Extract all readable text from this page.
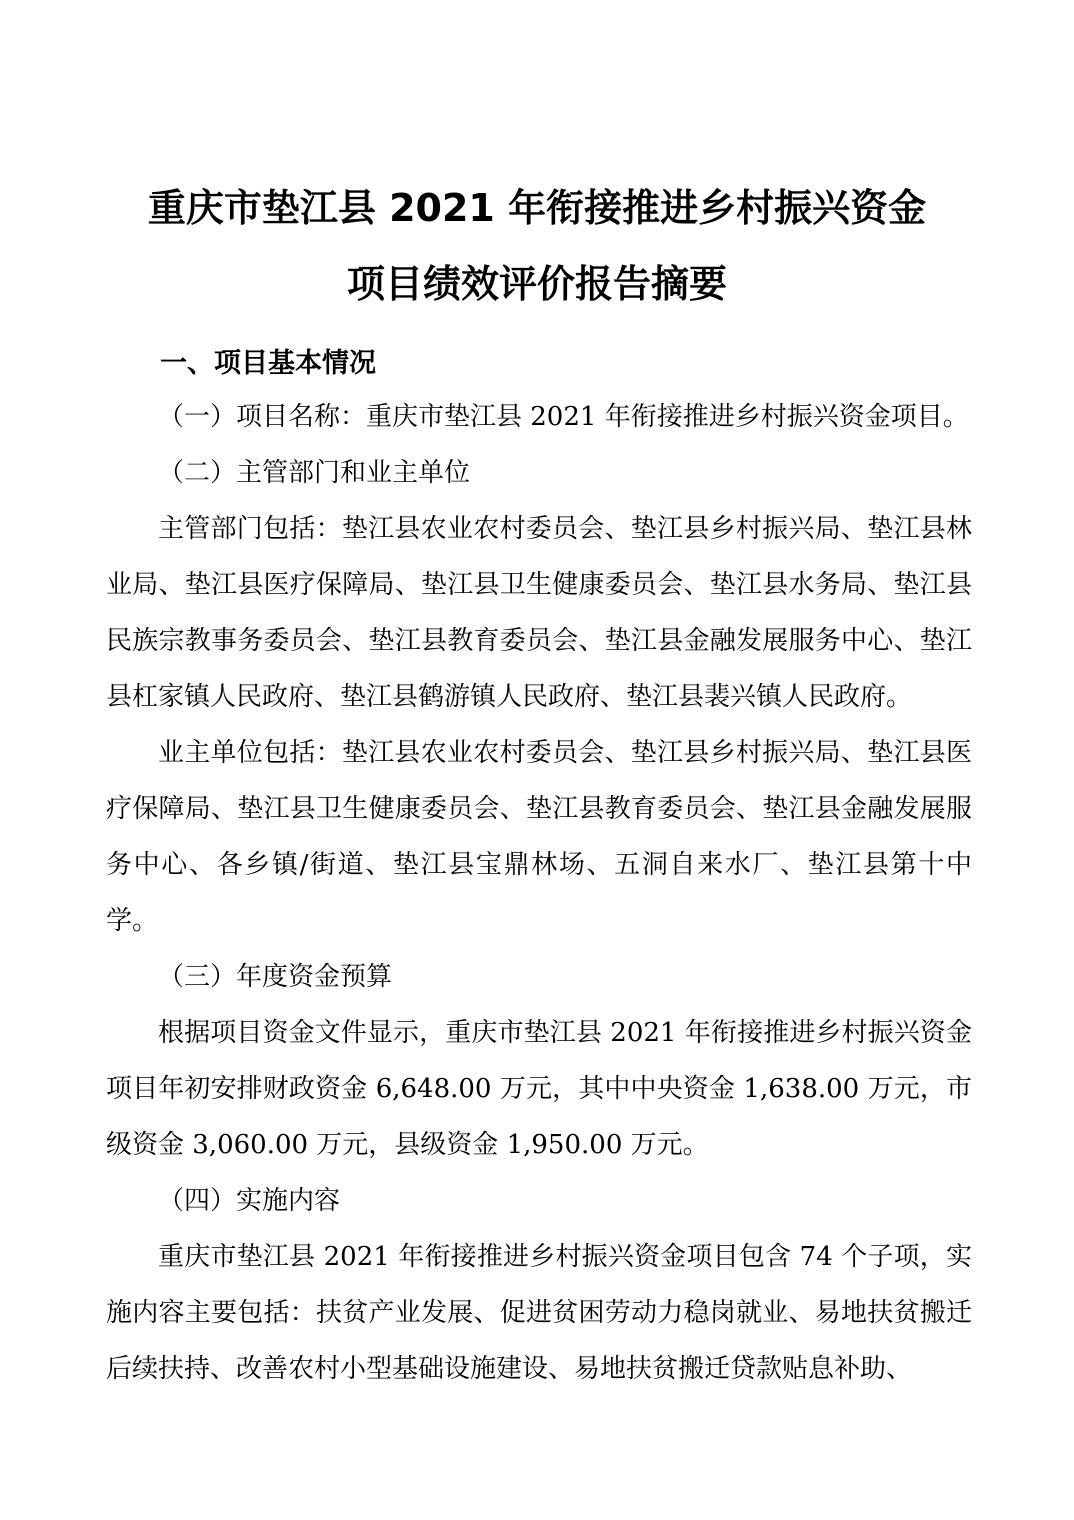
重庆市垫江县 2021 年衔接推进乡村振兴资金
项目绩效评价报告摘要
一、项目基本情况
（一）项目名称：重庆市垫江县 2021 年衔接推进乡村振兴资金项目。
（二）主管部门和业主单位
主管部门包括：垫江县农业农村委员会、垫江县乡村振兴局、垫江县林业局、垫江县医疗保障局、垫江县卫生健康委员会、垫江县水务局、垫江县民族宗教事务委员会、垫江县教育委员会、垫江县金融发展服务中心、垫江县杠家镇人民政府、垫江县鹤游镇人民政府、垫江县裴兴镇人民政府。
业主单位包括：垫江县农业农村委员会、垫江县乡村振兴局、垫江县医疗保障局、垫江县卫生健康委员会、垫江县教育委员会、垫江县金融发展服务中心、各乡镇/街道、垫江县宝鼎林场、五洞自来水厂、垫江县第十中学。
（三）年度资金预算
根据项目资金文件显示，重庆市垫江县 2021 年衔接推进乡村振兴资金项目年初安排财政资金 6,648.00 万元，其中中央资金 1,638.00 万元，市级资金 3,060.00 万元，县级资金 1,950.00 万元。
（四）实施内容
重庆市垫江县 2021 年衔接推进乡村振兴资金项目包含 74 个子项，实施内容主要包括：扶贫产业发展、促进贫困劳动力稳岗就业、易地扶贫搬迁后续扶持、改善农村小型基础设施建设、易地扶贫搬迁贷款贴息补助、
